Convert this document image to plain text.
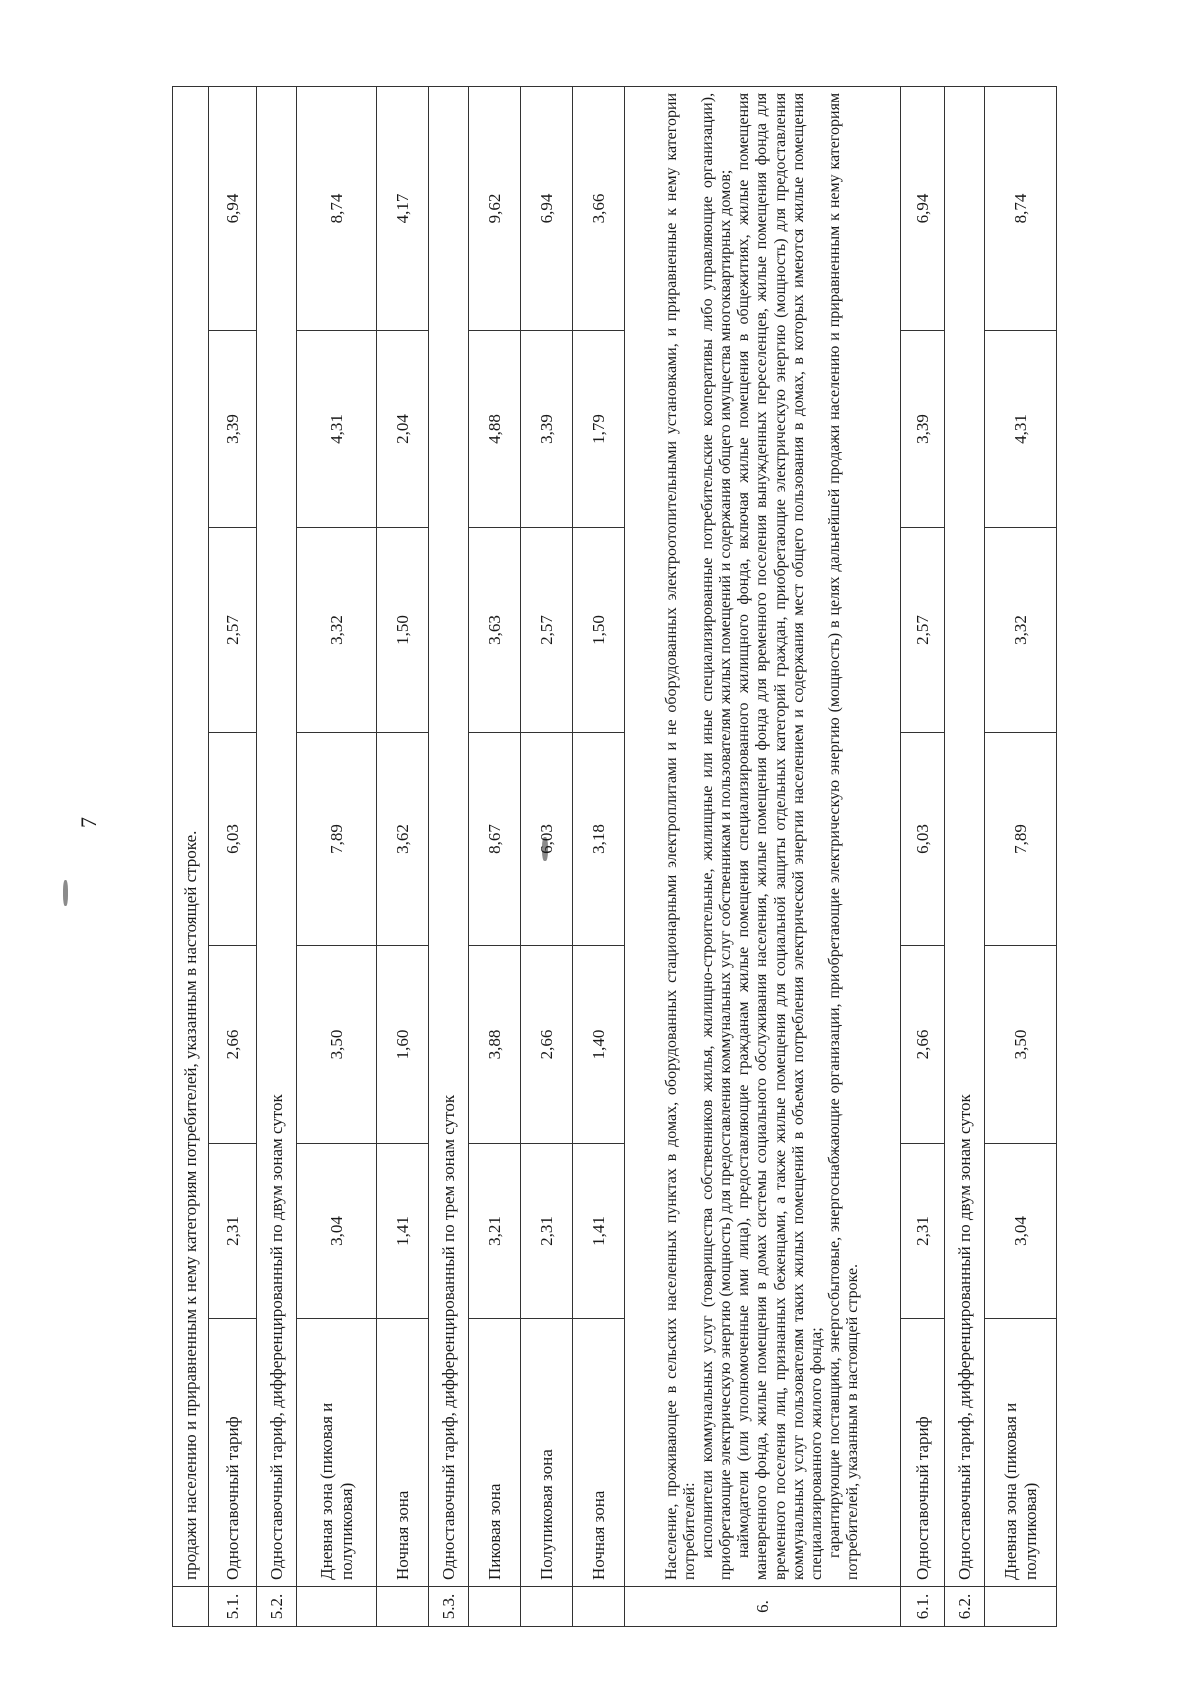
7
	продажи населению и приравненным к нему категориям потребителей, указанным в настоящей строке.						
5.1.	Одноставочный тариф	2,31	2,66	6,03	2,57	3,39	6,94
5.2.	Одноставочный тариф, дифференцированный по двум зонам суток						
	Дневная зона (пиковая и полупиковая)	3,04	3,50	7,89	3,32	4,31	8,74
	Ночная зона	1,41	1,60	3,62	1,50	2,04	4,17
5.3.	Одноставочный тариф, дифференцированный по трем зонам суток						
	Пиковая зона	3,21	3,88	8,67	3,63	4,88	9,62
	Полупиковая зона	2,31	2,66	6,03	2,57	3,39	6,94
	Ночная зона	1,41	1,40	3,18	1,50	1,79	3,66
6.	Население, проживающее в сельских населенных пунктах в домах, оборудованных стационарными электроплитами и не оборудованных электроотопительными установками, и приравненные к нему категории потребителей: исполнители коммунальных услуг (товарищества собственников жилья, жилищно-строительные, жилищные или иные специализированные потребительские кооперативы либо управляющие организации), приобретающие электрическую энергию (мощность) для предоставления коммунальных услуг собственникам и пользователям жилых помещений и содержания общего имущества многоквартирных домов; наймодатели (или уполномоченные ими лица), предоставляющие гражданам жилые помещения специализированного жилищного фонда, включая жилые помещения в общежитиях, жилые помещения маневренного фонда, жилые помещения в домах системы социального обслуживания населения, жилые помещения фонда для временного поселения вынужденных переселенцев, жилые помещения фонда для временного поселения лиц, признанных беженцами, а также жилые помещения для социальной защиты отдельных категорий граждан, приобретающие электрическую энергию (мощность) для предоставления коммунальных услуг пользователям таких жилых помещений в объемах потребления электрической энергии населением и содержания мест общего пользования в домах, в которых имеются жилые помещения специализированного жилого фонда; гарантирующие поставщики, энергосбытовые, энергоснабжающие организации, приобретающие электрическую энергию (мощность) в целях дальнейшей продажи населению и приравненным к нему категориям потребителей, указанным в настоящей строке.						

6.1.	Одноставочный тариф	2,31	2,66	6,03	2,57	3,39	6,94
6.2.	Одноставочный тариф, дифференцированный по двум зонам суток						
	Дневная зона (пиковая и полупиковая)	3,04	3,50	7,89	3,32	4,31	8,74
